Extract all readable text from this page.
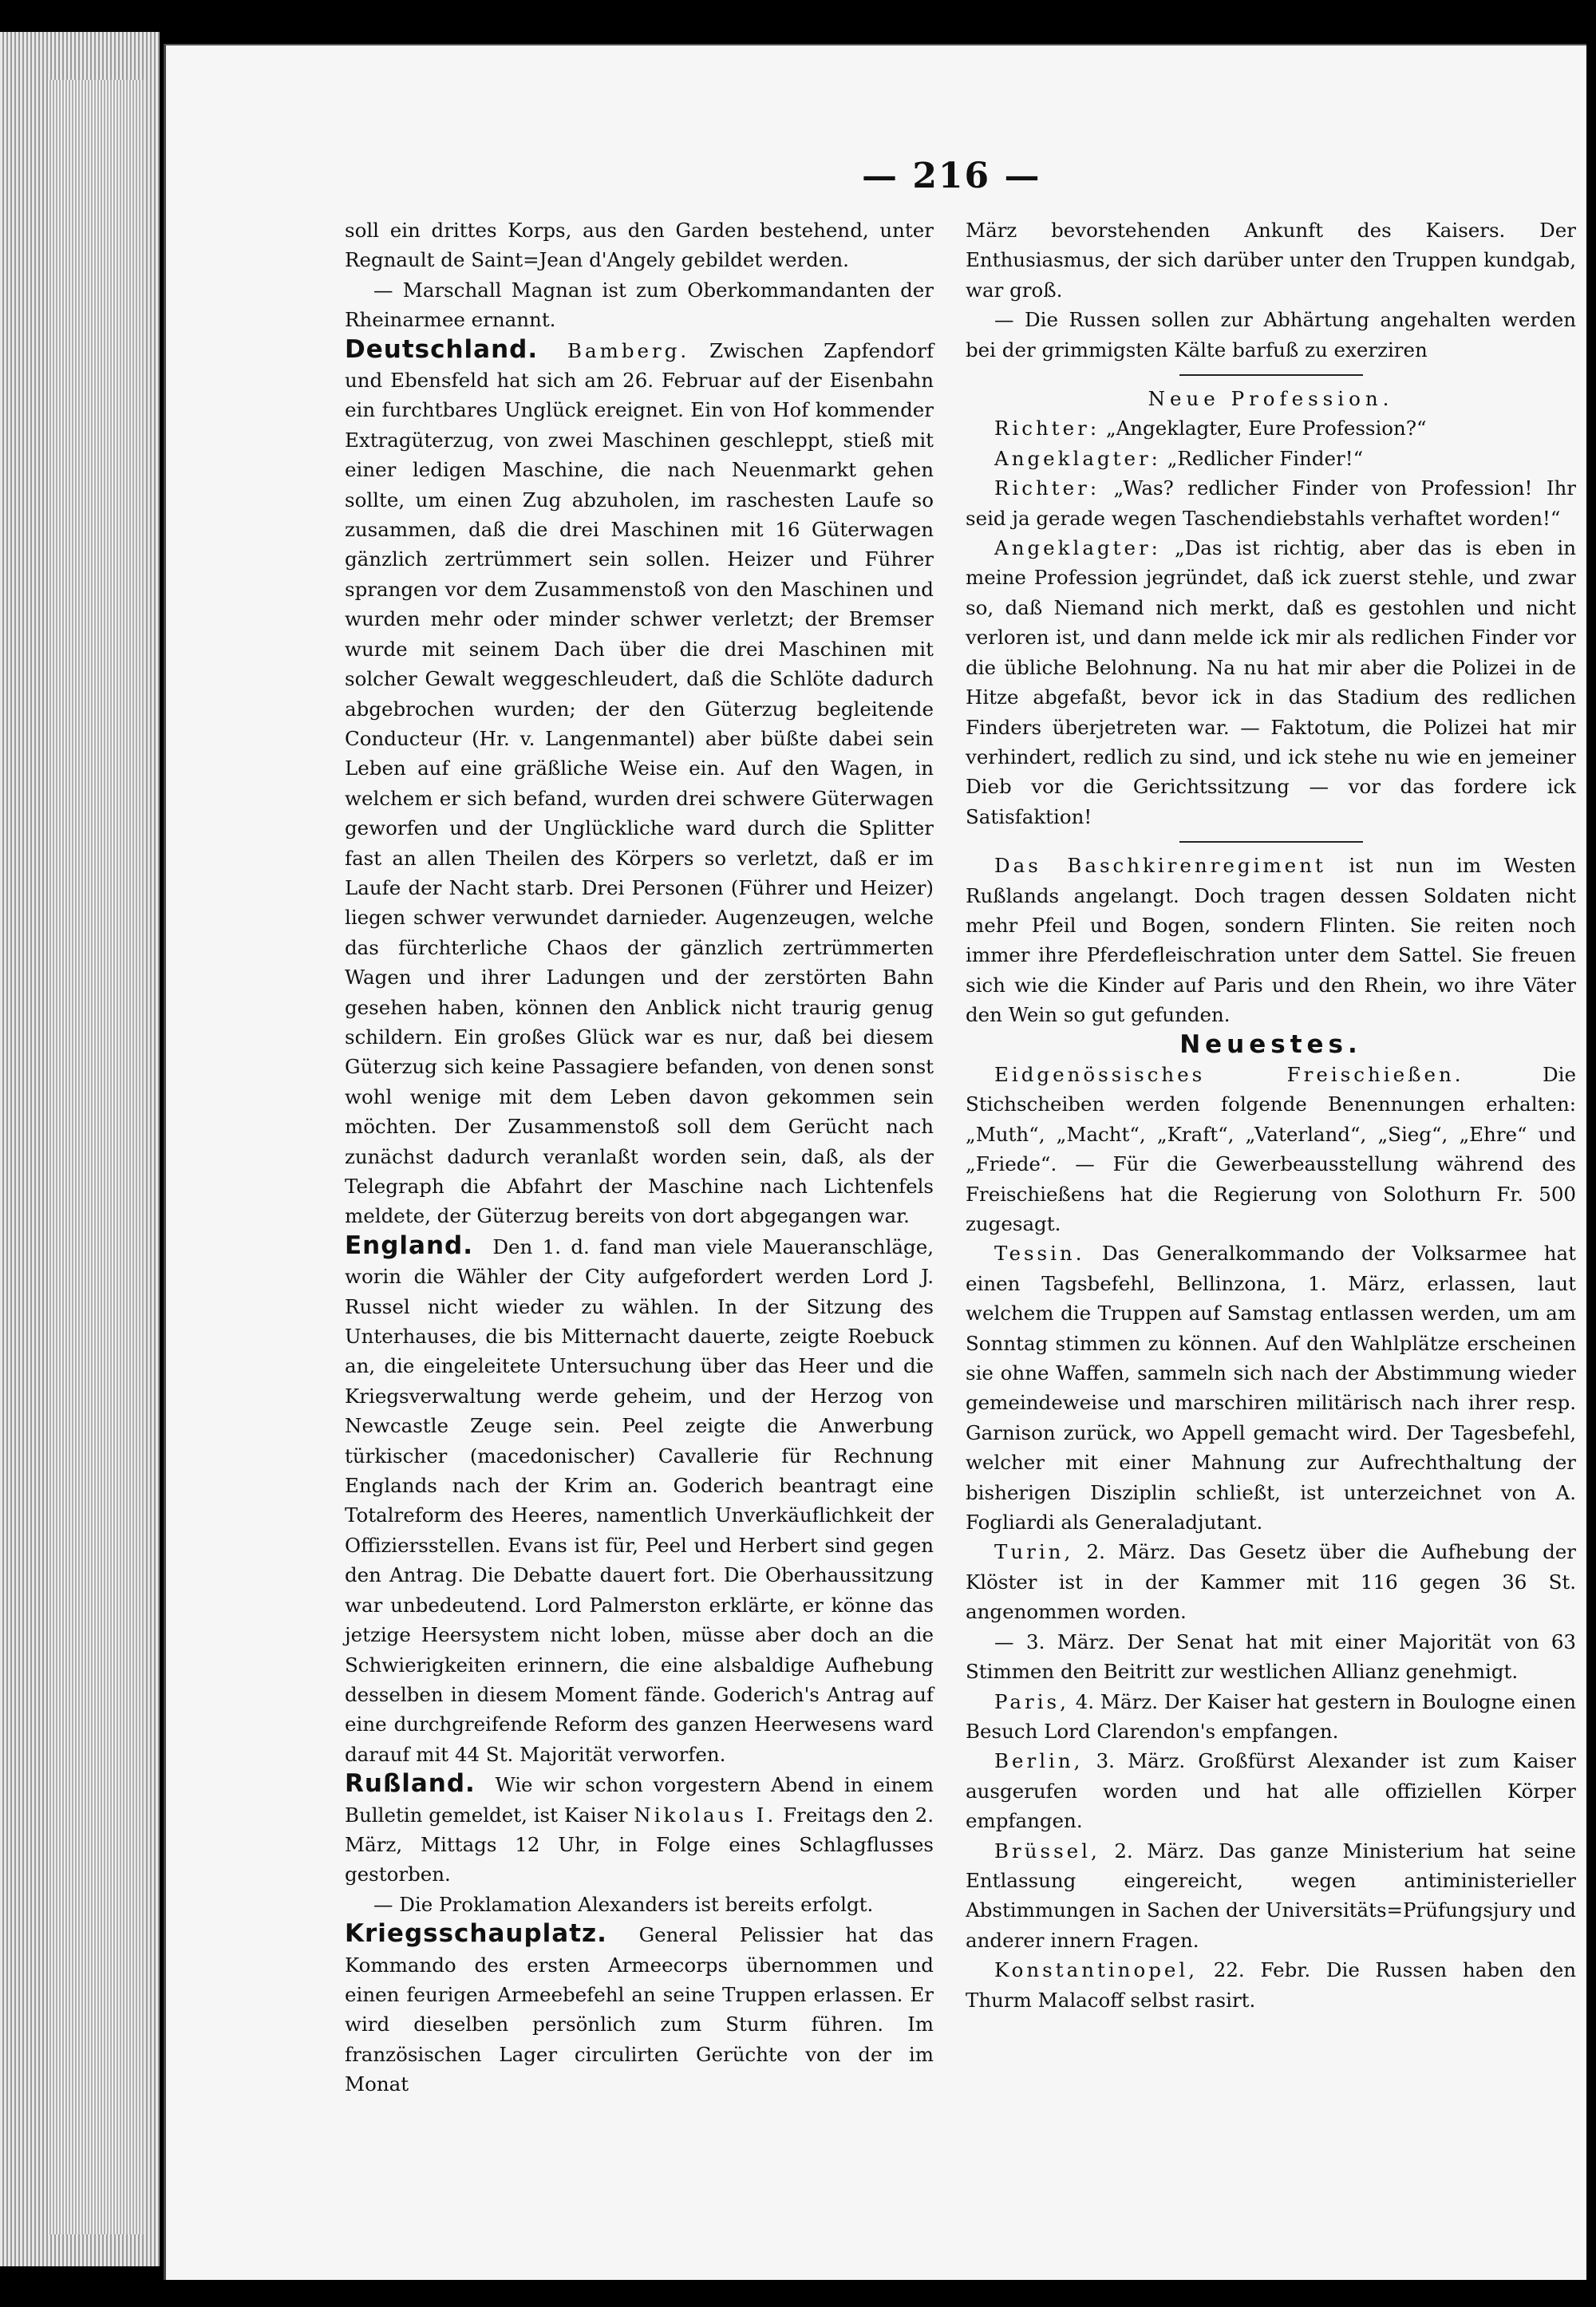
— 216 —

soll ein drittes Korps, aus den Garden bestehend, unter Regnault de Saint=Jean d'Angely gebildet werden.

— Marschall Magnan ist zum Oberkommandanten der Rheinarmee ernannt.

Deutschland. Bamberg. Zwischen Zapfendorf und Ebensfeld hat sich am 26. Februar auf der Eisenbahn ein furchtbares Unglück ereignet. Ein von Hof kommender Extragüterzug, von zwei Maschinen geschleppt, stieß mit einer ledigen Maschine, die nach Neuenmarkt gehen sollte, um einen Zug abzuholen, im raschesten Laufe so zusammen, daß die drei Maschinen mit 16 Güterwagen gänzlich zertrümmert sein sollen. Heizer und Führer sprangen vor dem Zusammenstoß von den Maschinen und wurden mehr oder minder schwer verletzt; der Bremser wurde mit seinem Dach über die drei Maschinen mit solcher Gewalt weggeschleudert, daß die Schlöte dadurch abgebrochen wurden; der den Güterzug begleitende Conducteur (Hr. v. Langenmantel) aber büßte dabei sein Leben auf eine gräßliche Weise ein. Auf den Wagen, in welchem er sich befand, wurden drei schwere Güterwagen geworfen und der Unglückliche ward durch die Splitter fast an allen Theilen des Körpers so verletzt, daß er im Laufe der Nacht starb. Drei Personen (Führer und Heizer) liegen schwer verwundet darnieder. Augenzeugen, welche das fürchterliche Chaos der gänzlich zertrümmerten Wagen und ihrer Ladungen und der zerstörten Bahn gesehen haben, können den Anblick nicht traurig genug schildern. Ein großes Glück war es nur, daß bei diesem Güterzug sich keine Passagiere befanden, von denen sonst wohl wenige mit dem Leben davon gekommen sein möchten. Der Zusammenstoß soll dem Gerücht nach zunächst dadurch veranlaßt worden sein, daß, als der Telegraph die Abfahrt der Maschine nach Lichtenfels meldete, der Güterzug bereits von dort abgegangen war.

England. Den 1. d. fand man viele Maueranschläge, worin die Wähler der City aufgefordert werden Lord J. Russel nicht wieder zu wählen. In der Sitzung des Unterhauses, die bis Mitternacht dauerte, zeigte Roebuck an, die eingeleitete Untersuchung über das Heer und die Kriegsverwaltung werde geheim, und der Herzog von Newcastle Zeuge sein. Peel zeigte die Anwerbung türkischer (macedonischer) Cavallerie für Rechnung Englands nach der Krim an. Goderich beantragt eine Totalreform des Heeres, namentlich Unverkäuflichkeit der Offiziersstellen. Evans ist für, Peel und Herbert sind gegen den Antrag. Die Debatte dauert fort. Die Oberhaussitzung war unbedeutend. Lord Palmerston erklärte, er könne das jetzige Heersystem nicht loben, müsse aber doch an die Schwierigkeiten erinnern, die eine alsbaldige Aufhebung desselben in diesem Moment fände. Goderich's Antrag auf eine durchgreifende Reform des ganzen Heerwesens ward darauf mit 44 St. Majorität verworfen.

Rußland. Wie wir schon vorgestern Abend in einem Bulletin gemeldet, ist Kaiser Nikolaus I. Freitags den 2. März, Mittags 12 Uhr, in Folge eines Schlagflusses gestorben.

— Die Proklamation Alexanders ist bereits erfolgt.

Kriegsschauplatz. General Pelissier hat das Kommando des ersten Armeecorps übernommen und einen feurigen Armeebefehl an seine Truppen erlassen. Er wird dieselben persönlich zum Sturm führen. Im französischen Lager circulirten Gerüchte von der im Monat

März bevorstehenden Ankunft des Kaisers. Der Enthusiasmus, der sich darüber unter den Truppen kundgab, war groß.

— Die Russen sollen zur Abhärtung angehalten werden bei der grimmigsten Kälte barfuß zu exerziren

Neue Profession.

Richter: „Angeklagter, Eure Profession?“

Angeklagter: „Redlicher Finder!“

Richter: „Was? redlicher Finder von Profession! Ihr seid ja gerade wegen Taschendiebstahls verhaftet worden!“

Angeklagter: „Das ist richtig, aber das is eben in meine Profession jegründet, daß ick zuerst stehle, und zwar so, daß Niemand nich merkt, daß es gestohlen und nicht verloren ist, und dann melde ick mir als redlichen Finder vor die übliche Belohnung. Na nu hat mir aber die Polizei in de Hitze abgefaßt, bevor ick in das Stadium des redlichen Finders überjetreten war. — Faktotum, die Polizei hat mir verhindert, redlich zu sind, und ick stehe nu wie en jemeiner Dieb vor die Gerichtssitzung — vor das fordere ick Satisfaktion!

Das Baschkirenregiment ist nun im Westen Rußlands angelangt. Doch tragen dessen Soldaten nicht mehr Pfeil und Bogen, sondern Flinten. Sie reiten noch immer ihre Pferdefleischration unter dem Sattel. Sie freuen sich wie die Kinder auf Paris und den Rhein, wo ihre Väter den Wein so gut gefunden.

Neuestes.

Eidgenössisches Freischießen.	Die Stichscheiben werden folgende Benennungen erhalten: „Muth“, „Macht“, „Kraft“, „Vaterland“, „Sieg“, „Ehre“ und „Friede“. — Für die Gewerbeausstellung während des Freischießens hat die Regierung von Solothurn Fr. 500 zugesagt.

Tessin. Das Generalkommando der Volksarmee hat einen Tagsbefehl, Bellinzona, 1. März, erlassen, laut welchem die Truppen auf Samstag entlassen werden, um am Sonntag stimmen zu können. Auf den Wahlplätze erscheinen sie ohne Waffen, sammeln sich nach der Abstimmung wieder gemeindeweise und marschiren militärisch nach ihrer resp. Garnison zurück, wo Appell gemacht wird. Der Tagesbefehl, welcher mit einer Mahnung zur Aufrechthaltung der bisherigen Disziplin schließt, ist unterzeichnet von A. Fogliardi als Generaladjutant.

Turin, 2. März. Das Gesetz über die Aufhebung der Klöster ist in der Kammer mit 116 gegen 36 St. angenommen worden.

— 3. März. Der Senat hat mit einer Majorität von 63 Stimmen den Beitritt zur westlichen Allianz genehmigt.

Paris, 4. März. Der Kaiser hat gestern in Boulogne einen Besuch Lord Clarendon's empfangen.

Berlin, 3. März. Großfürst Alexander ist zum Kaiser ausgerufen worden und hat alle offiziellen Körper empfangen.

Brüssel, 2. März. Das ganze Ministerium hat seine Entlassung eingereicht, wegen antiministerieller Abstimmungen in Sachen der Universitäts=Prüfungsjury und anderer innern Fragen.

Konstantinopel, 22. Febr. Die Russen haben den Thurm Malacoff selbst rasirt.
